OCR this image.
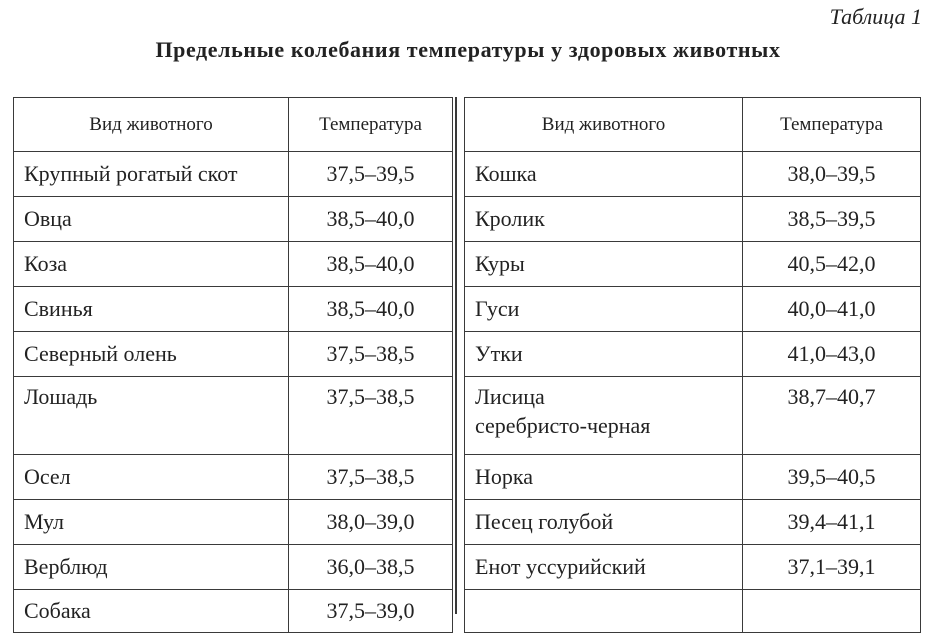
Таблица 1
Предельные колебания температуры у здоровых животных
Вид животного	Температура
Крупный рогатый скот	37,5–39,5
Овца	38,5–40,0
Коза	38,5–40,0
Свинья	38,5–40,0
Северный олень	37,5–38,5
Лошадь	37,5–38,5
Осел	37,5–38,5
Мул	38,0–39,0
Верблюд	36,0–38,5
Собака	37,5–39,0
Вид животного	Температура
Кошка	38,0–39,5
Кролик	38,5–39,5
Куры	40,5–42,0
Гуси	40,0–41,0
Утки	41,0–43,0
Лисица
серебристо-черная	38,7–40,7
Норка	39,5–40,5
Песец голубой	39,4–41,1
Енот уссурийский	37,1–39,1
